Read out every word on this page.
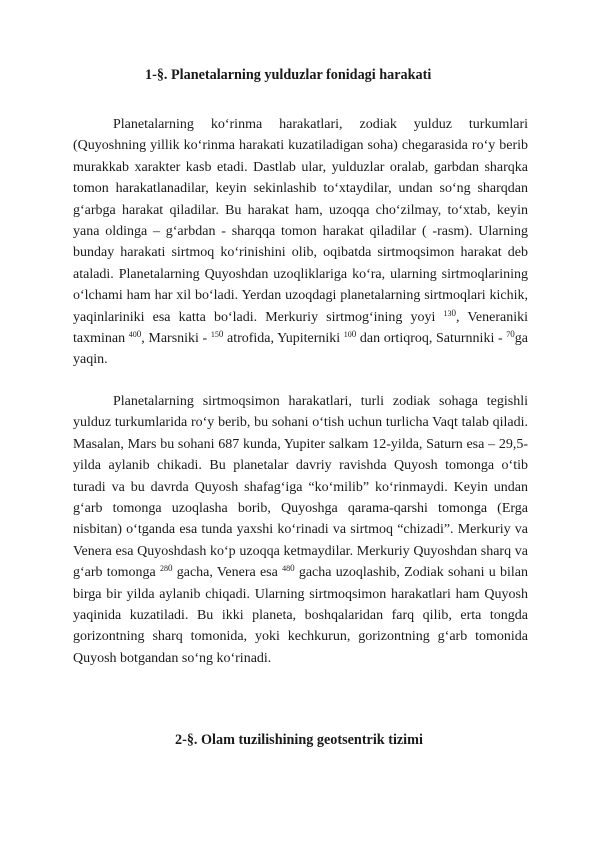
1-§. Planetalarning yulduzlar fonidagi harakati

Planetalarning ko‘rinma harakatlari, zodiak yulduz turkumlari (Quyoshning yillik ko‘rinma harakati kuzatiladigan soha) chegarasida ro‘y berib murakkab xarakter kasb etadi. Dastlab ular, yulduzlar oralab, garbdan sharqka tomon harakatlanadilar, keyin sekinlashib to‘xtaydilar, undan so‘ng sharqdan g‘arbga harakat qiladilar. Bu harakat ham, uzoqqa cho‘zilmay, to‘xtab, keyin yana oldinga – g‘arbdan - sharqqa tomon harakat qiladilar ( -rasm). Ularning bunday harakati sirtmoq ko‘rinishini olib, oqibatda sirtmoqsimon harakat deb ataladi. Planetalarning Quyoshdan uzoqliklariga ko‘ra, ularning sirtmoqlarining o‘lchami ham har xil bo‘ladi. Yerdan uzoqdagi planetalarning sirtmoqlari kichik, yaqinlariniki esa katta bo‘ladi. Merkuriy sirtmog‘ining yoyi $^{130}$, Veneraniki taxminan $^{400}$, Marsniki - $^{150}$ atrofida, Yupiterniki $^{100}$ dan ortiqroq, Saturnniki - $^{70}$ga yaqin.

Planetalarning sirtmoqsimon harakatlari, turli zodiak sohaga tegishli yulduz turkumlarida ro‘y berib, bu sohani o‘tish uchun turlicha Vaqt talab qiladi. Masalan, Mars bu sohani 687 kunda, Yupiter salkam 12-yilda, Saturn esa – 29,5-yilda aylanib chikadi. Bu planetalar davriy ravishda Quyosh tomonga o‘tib turadi va bu davrda Quyosh shafag‘iga “ko‘milib” ko‘rinmaydi. Keyin undan g‘arb tomonga uzoqlasha borib, Quyoshga qarama-qarshi tomonga (Erga nisbitan) o‘tganda esa tunda yaxshi ko‘rinadi va sirtmoq “chizadi”. Merkuriy va Venera esa Quyoshdash ko‘p uzoqqa ketmaydilar. Merkuriy Quyoshdan sharq va g‘arb tomonga $^{280}$ gacha, Venera esa $^{480}$ gacha uzoqlashib, Zodiak sohani u bilan birga bir yilda aylanib chiqadi. Ularning sirtmoqsimon harakatlari ham Quyosh yaqinida kuzatiladi. Bu ikki planeta, boshqalaridan farq qilib, erta tongda gorizontning sharq tomonida, yoki kechkurun, gorizontning g‘arb tomonida Quyosh botgandan so‘ng ko‘rinadi.

2-§. Olam tuzilishining geotsentrik tizimi
